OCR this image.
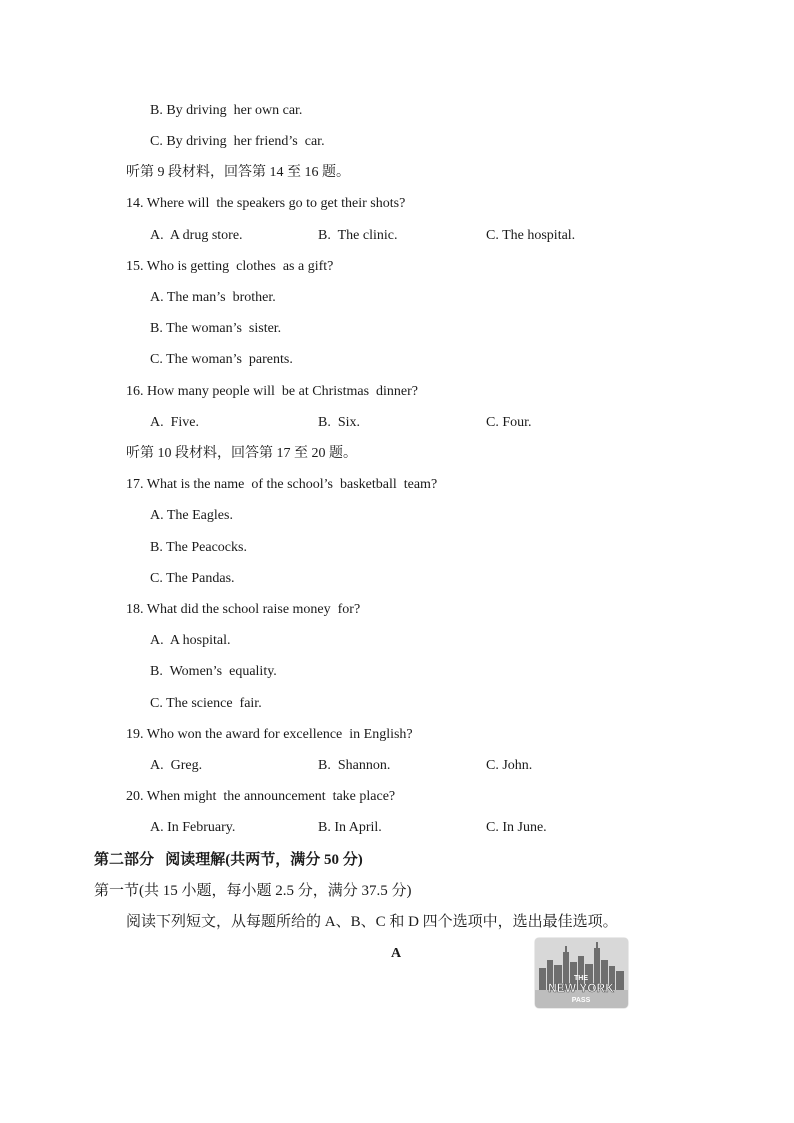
B. By driving  her own car.
C. By driving  her friend’s  car.
听第 9 段材料，回答第 14 至 16 题。
14. Where will  the speakers go to get their shots?
A.  A drug store.	B.  The clinic.	C. The hospital.
15. Who is getting  clothes  as a gift?
A. The man’s  brother.
B. The woman’s  sister.
C. The woman’s  parents.
16. How many people will  be at Christmas  dinner?
A.  Five.	B.  Six.	C. Four.
听第 10 段材料，回答第 17 至 20 题。
17. What is the name  of the school’s  basketball  team?
A. The Eagles.
B. The Peacocks.
C. The Pandas.
18. What did the school raise money  for?
A.  A hospital.
B.  Women’s  equality.
C. The science  fair.
19. Who won the award for excellence  in English?
A.  Greg.	B.  Shannon.	C. John.
20. When might  the announcement  take place?
A. In February.	B. In April.	C. In June.
第二部分   阅读理解(共两节，满分 50 分)
第一节(共 15 小题，每小题 2.5 分，满分 37.5 分)
阅读下列短文，从每题所给的 A、B、C 和 D 四个选项中，选出最佳选项。
A
THE
NEW YORK
PASS
